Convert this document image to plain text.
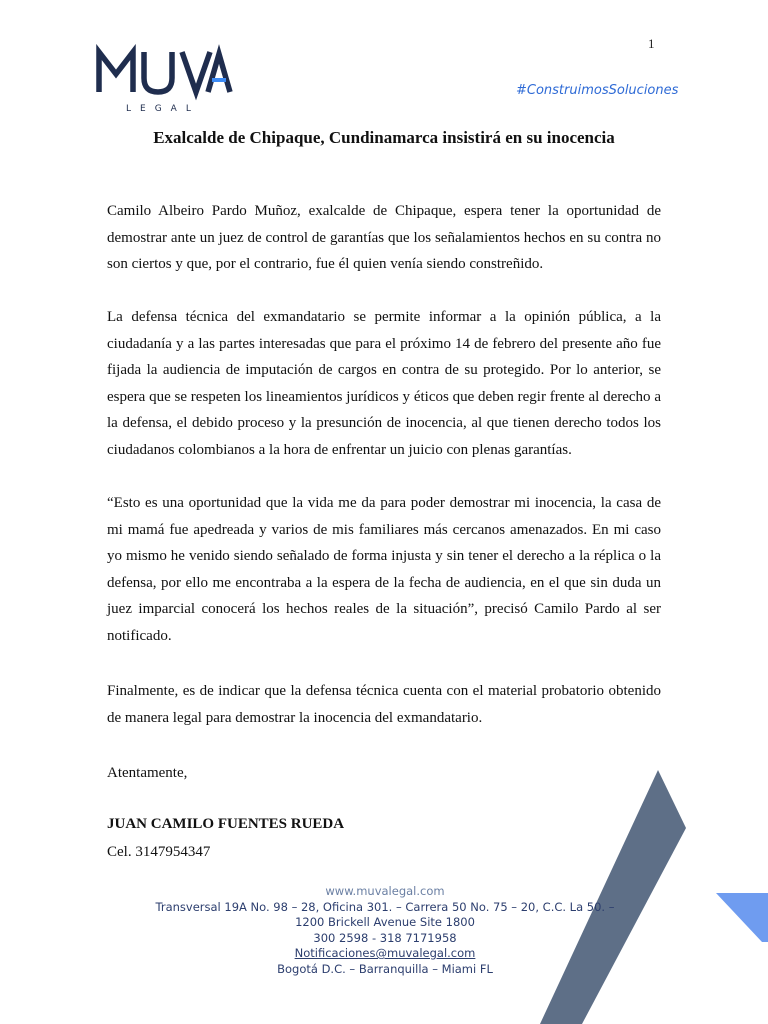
1
LEGAL
#ConstruimosSoluciones
Exalcalde de Chipaque, Cundinamarca insistirá en su inocencia

Camilo Albeiro Pardo Muñoz, exalcalde de Chipaque, espera tener la oportunidad de demostrar ante un juez de control de garantías que los señalamientos hechos en su contra no son ciertos y que, por el contrario, fue él quien venía siendo constreñido.

La defensa técnica del exmandatario se permite informar a la opinión pública, a la ciudadanía y a las partes interesadas que para el próximo 14 de febrero del presente año fue fijada la audiencia de imputación de cargos en contra de su protegido. Por lo anterior, se espera que se respeten los lineamientos jurídicos y éticos que deben regir frente al derecho a la defensa, el debido proceso y la presunción de inocencia, al que tienen derecho todos los ciudadanos colombianos a la hora de enfrentar un juicio con plenas garantías.

“Esto es una oportunidad que la vida me da para poder demostrar mi inocencia, la casa de mi mamá fue apedreada y varios de mis familiares más cercanos amenazados. En mi caso yo mismo he venido siendo señalado de forma injusta y sin tener el derecho a la réplica o la defensa, por ello me encontraba a la espera de la fecha de audiencia, en el que sin duda un juez imparcial conocerá los hechos reales de la situación”, precisó Camilo Pardo al ser notificado.

Finalmente, es de indicar que la defensa técnica cuenta con el material probatorio obtenido de manera legal para demostrar la inocencia del exmandatario.

Atentamente,

JUAN CAMILO FUENTES RUEDA
Cel. 3147954347
www.muvalegal.com
Transversal 19A No. 98 – 28, Oficina 301. – Carrera 50 No. 75 – 20, C.C. La 50. –
1200 Brickell Avenue Site 1800
300 2598 - 318 7171958
Notificaciones@muvalegal.com
Bogotá D.C. – Barranquilla – Miami FL
